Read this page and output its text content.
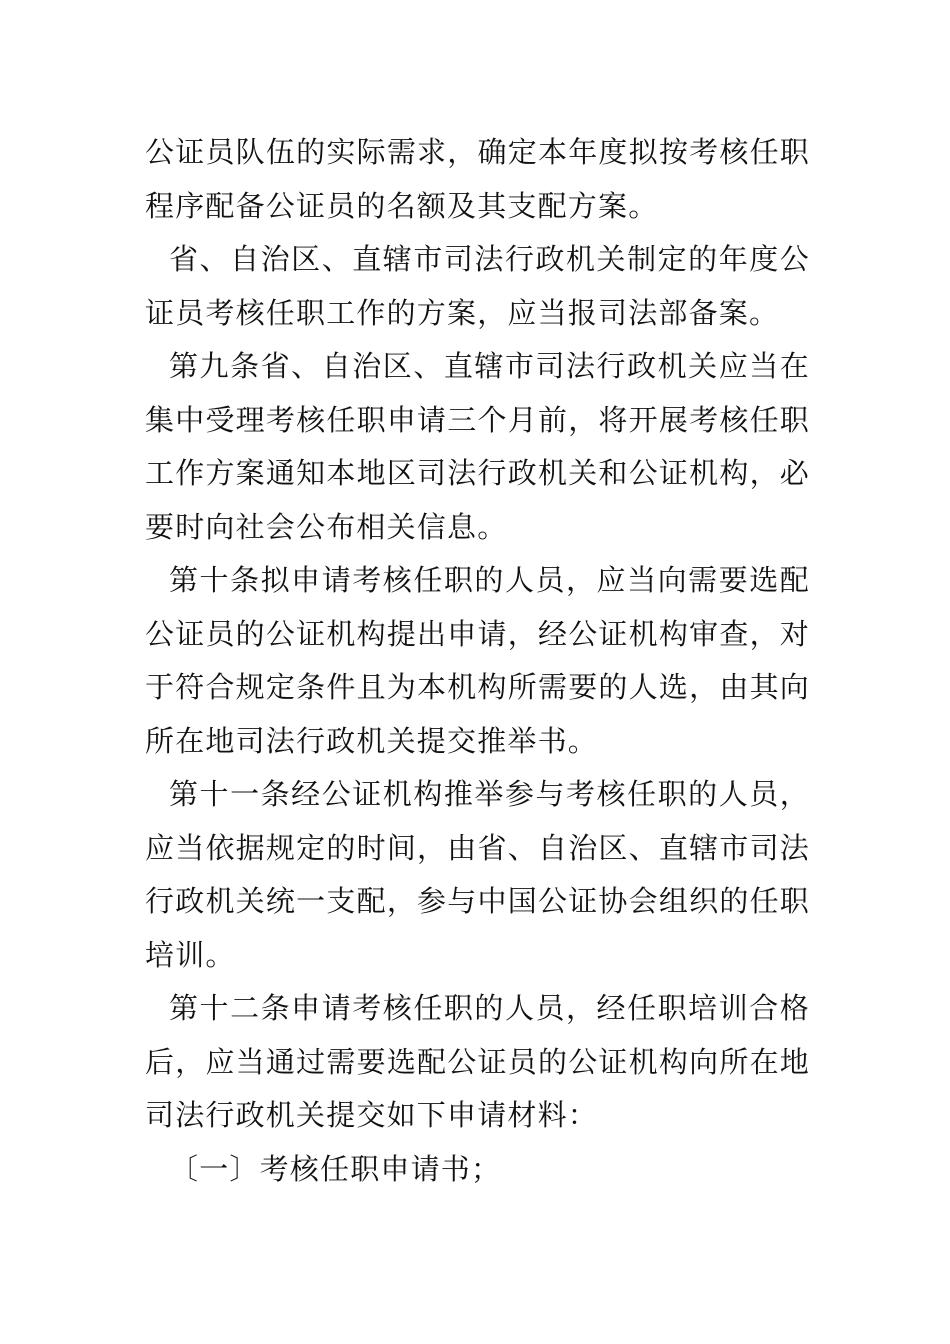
公证员队伍的实际需求，确定本年度拟按考核任职程序配备公证员的名额及其支配方案。

省、自治区、直辖市司法行政机关制定的年度公证员考核任职工作的方案，应当报司法部备案。

第九条省、自治区、直辖市司法行政机关应当在集中受理考核任职申请三个月前，将开展考核任职工作方案通知本地区司法行政机关和公证机构，必要时向社会公布相关信息。

第十条拟申请考核任职的人员，应当向需要选配公证员的公证机构提出申请，经公证机构审查，对于符合规定条件且为本机构所需要的人选，由其向所在地司法行政机关提交推举书。

第十一条经公证机构推举参与考核任职的人员，应当依据规定的时间，由省、自治区、直辖市司法行政机关统一支配，参与中国公证协会组织的任职培训。

第十二条申请考核任职的人员，经任职培训合格后，应当通过需要选配公证员的公证机构向所在地司法行政机关提交如下申请材料：

〔一〕考核任职申请书；
